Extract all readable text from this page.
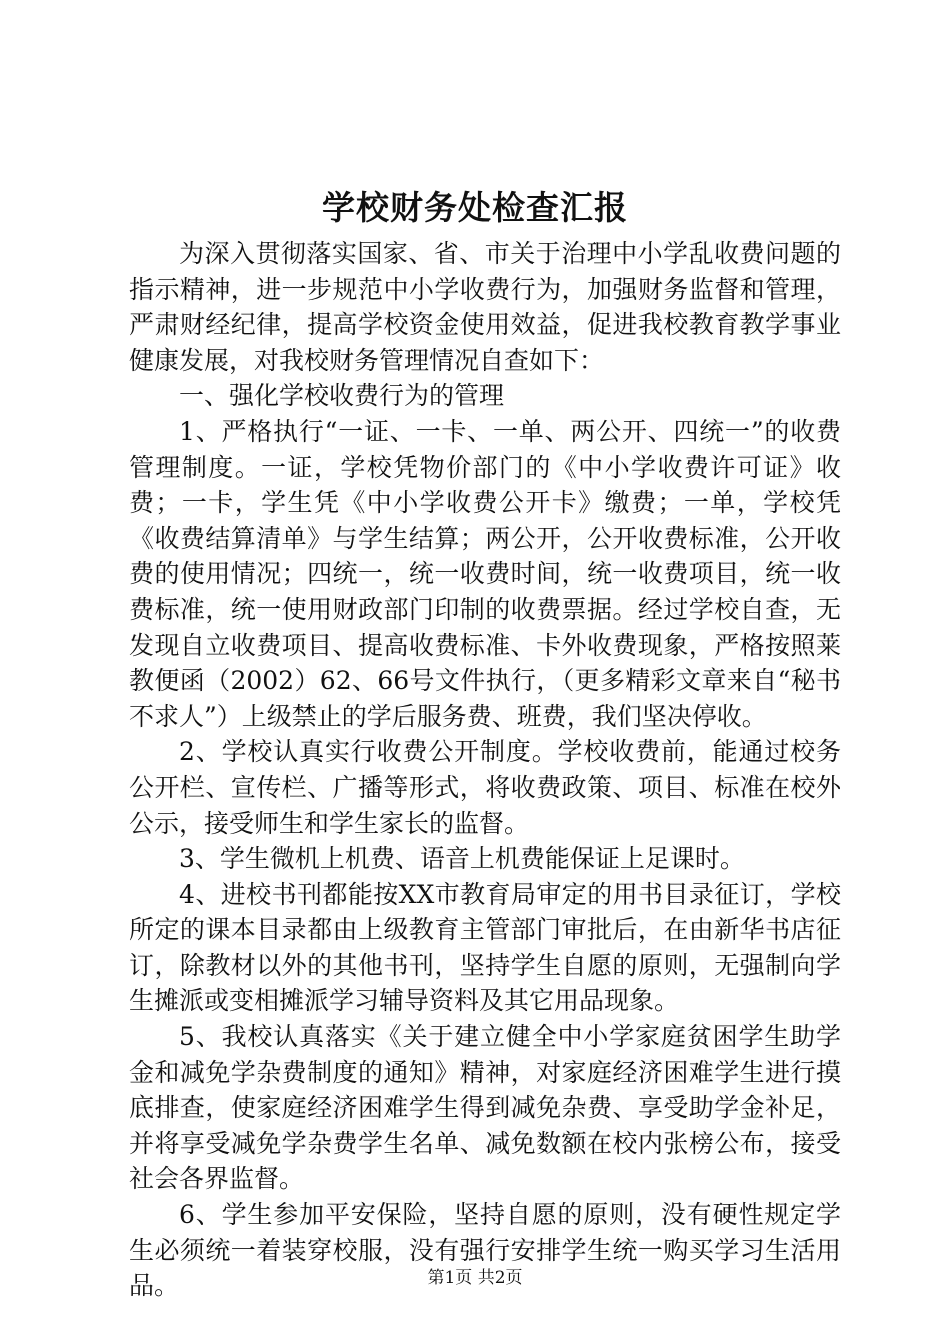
学校财务处检查汇报

为深入贯彻落实国家、省、市关于治理中小学乱收费问题的指示精神，进一步规范中小学收费行为，加强财务监督和管理，严肃财经纪律，提高学校资金使用效益，促进我校教育教学事业健康发展，对我校财务管理情况自查如下：

一、强化学校收费行为的管理

1、严格执行“一证、一卡、一单、两公开、四统一”的收费管理制度。一证，学校凭物价部门的《中小学收费许可证》收费；一卡，学生凭《中小学收费公开卡》缴费；一单，学校凭《收费结算清单》与学生结算；两公开，公开收费标准，公开收费的使用情况；四统一，统一收费时间，统一收费项目，统一收费标准，统一使用财政部门印制的收费票据。经过学校自查，无发现自立收费项目、提高收费标准、卡外收费现象，严格按照莱教便函（2002）62、66号文件执行，（更多精彩文章来自“秘书不求人”）上级禁止的学后服务费、班费，我们坚决停收。

2、学校认真实行收费公开制度。学校收费前，能通过校务公开栏、宣传栏、广播等形式，将收费政策、项目、标准在校外公示，接受师生和学生家长的监督。

3、学生微机上机费、语音上机费能保证上足课时。

4、进校书刊都能按XX市教育局审定的用书目录征订，学校所定的课本目录都由上级教育主管部门审批后，在由新华书店征订，除教材以外的其他书刊，坚持学生自愿的原则，无强制向学生摊派或变相摊派学习辅导资料及其它用品现象。

5、我校认真落实《关于建立健全中小学家庭贫困学生助学金和减免学杂费制度的通知》精神，对家庭经济困难学生进行摸底排查，使家庭经济困难学生得到减免杂费、享受助学金补足，并将享受减免学杂费学生名单、减免数额在校内张榜公布，接受社会各界监督。

6、学生参加平安保险，坚持自愿的原则，没有硬性规定学生必须统一着装穿校服，没有强行安排学生统一购买学习生活用品。	第1页 共2页
